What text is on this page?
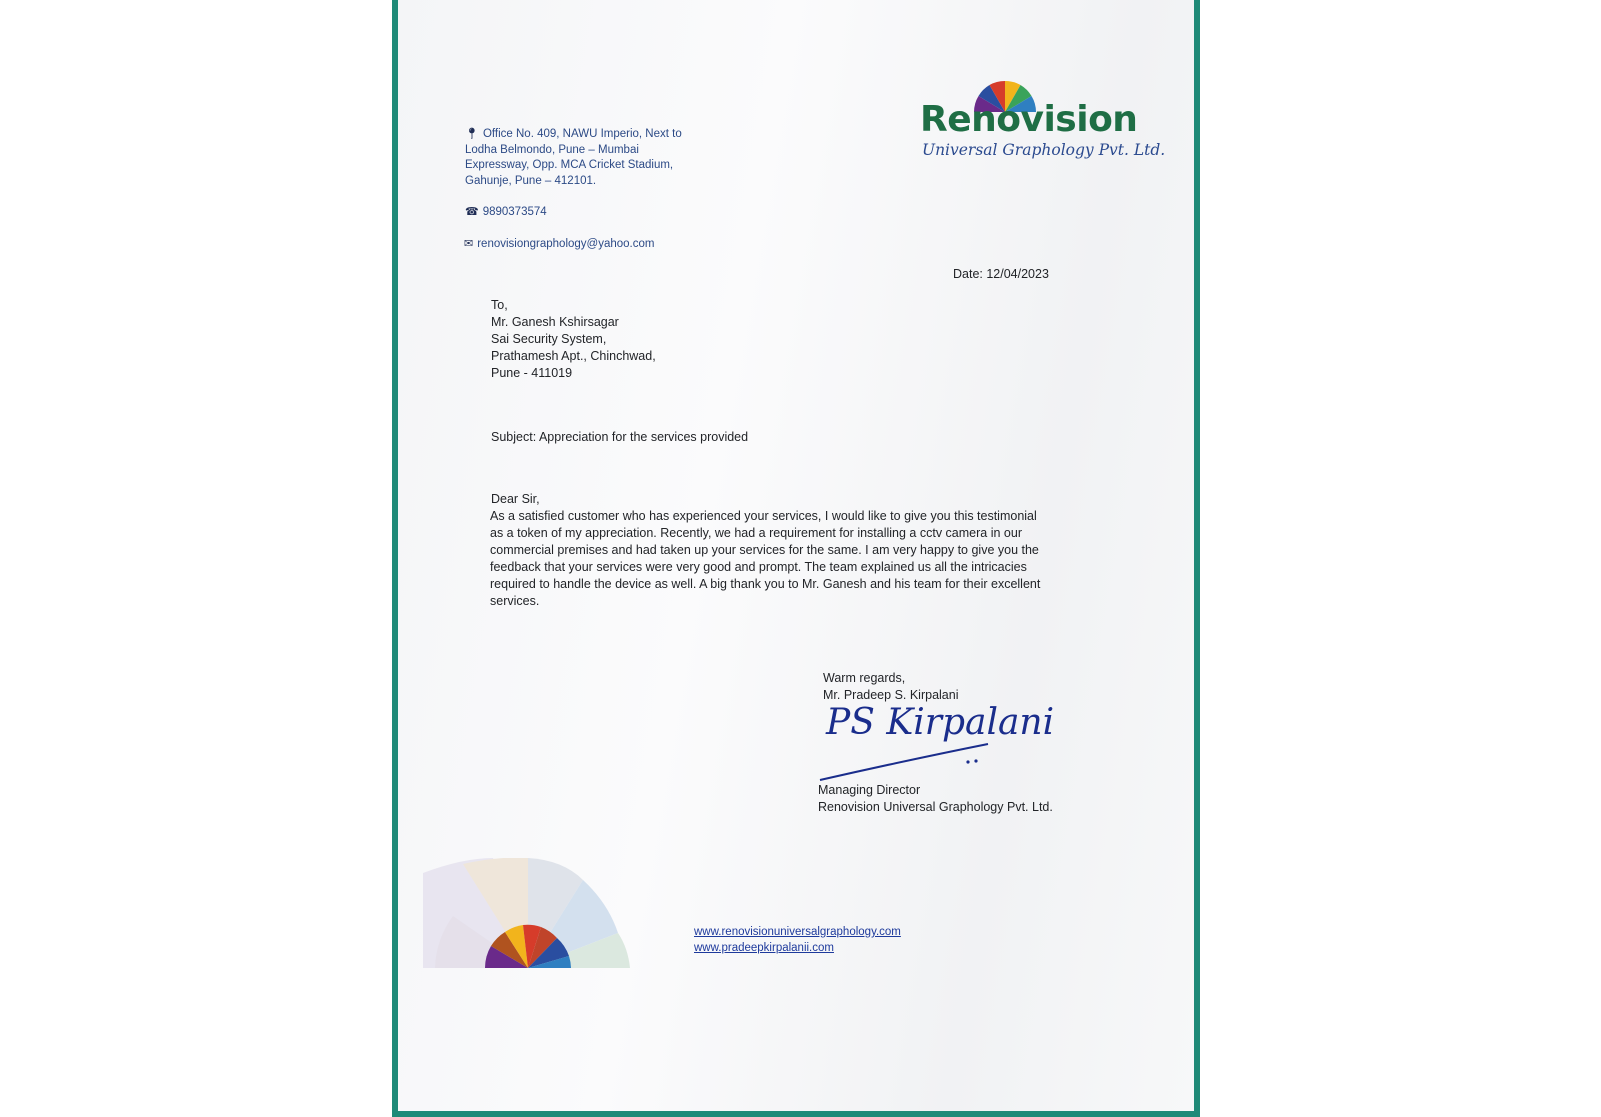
Renovision
Universal Graphology Pvt. Ltd.
📍︎ Office No. 409, NAWU Imperio, Next to
Lodha Belmondo, Pune – Mumbai
Expressway, Opp. MCA Cricket Stadium,
Gahunje, Pune – 412101.
☎ 9890373574
✉ renovisiongraphology@yahoo.com
Date: 12/04/2023
To,
Mr. Ganesh Kshirsagar
Sai Security System,
Prathamesh Apt., Chinchwad,
Pune - 411019
Subject: Appreciation for the services provided
Dear Sir,
As a satisfied customer who has experienced your services, I would like to give you this testimonial
as a token of my appreciation. Recently, we had a requirement for installing a cctv camera in our
commercial premises and had taken up your services for the same. I am very happy to give you the
feedback that your services were very good and prompt. The team explained us all the intricacies
required to handle the device as well. A big thank you to Mr. Ganesh and his team for their excellent
services.
Warm regards,
Mr. Pradeep S. Kirpalani
PS Kirpalani
Managing Director
Renovision Universal Graphology Pvt. Ltd.
www.renovisionuniversalgraphology.com
www.pradeepkirpalanii.com
